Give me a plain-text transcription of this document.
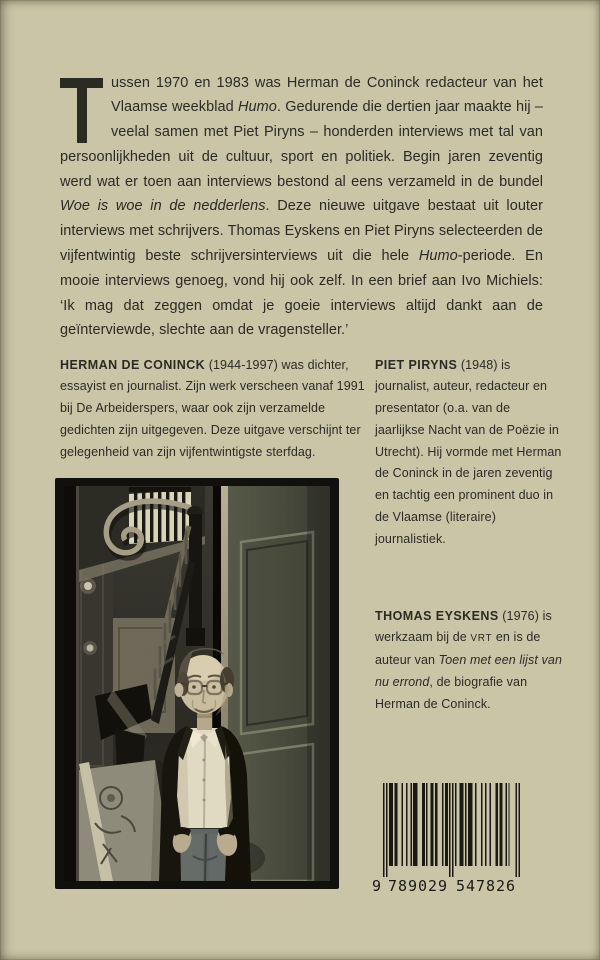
ussen 1970 en 1983 was Herman de Coninck redacteur van het Vlaamse weekblad Humo. Gedurende die dertien jaar maakte hij – veelal samen met Piet Piryns – honderden interviews met tal van persoonlijkheden uit de cultuur, sport en politiek. Begin jaren zeventig werd wat er toen aan interviews bestond al eens verzameld in de bundel Woe is woe in de nedderlens. Deze nieuwe uitgave bestaat uit louter interviews met schrijvers. Thomas Eyskens en Piet Piryns selecteerden de vijfentwintig beste schrijversinterviews uit die hele Humo-periode. En mooie interviews genoeg, vond hij ook zelf. In een brief aan Ivo Michiels: ‘Ik mag dat zeggen omdat je goeie interviews altijd dankt aan de geïnterviewde, slechte aan de vragensteller.’

HERMAN DE CONINCK (1944-1997) was dichter, essayist en journalist. Zijn werk verscheen vanaf 1991 bij De Arbeiderspers, waar ook zijn verzamelde gedichten zijn uitgegeven. Deze uitgave verschijnt ter gelegenheid van zijn vijfentwintigste sterfdag.

PIET PIRYNS (1948) is journalist, auteur, redacteur en presentator (o.a. van de jaarlijkse Nacht van de Poëzie in Utrecht). Hij vormde met Herman de Coninck in de jaren zeventig en tachtig een prominent duo in de Vlaamse (literaire) journalistiek.

THOMAS EYSKENS (1976) is werkzaam bij de VRT en is de auteur van Toen met een lijst van nu errond, de biografie van Herman de Coninck.

9 789029 547826
